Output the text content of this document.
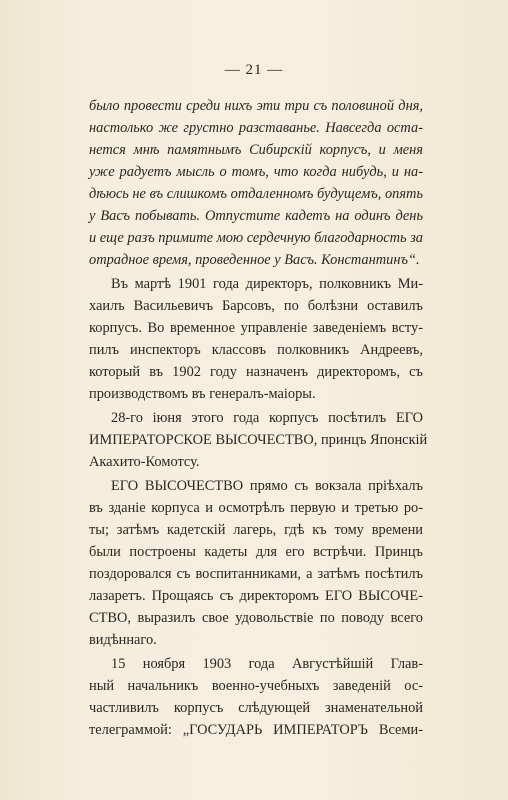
— 21 —

было провести среди нихъ эти три съ половиной дня,
настолько же грустно разставанье. Навсегда оста-
нется мнѣ памятнымъ Сибирскій корпусъ, и меня
уже радуетъ мысль о томъ, что когда нибудь, и на-
дѣюсь не въ слишкомъ отдаленномъ будущемъ, опять
у Васъ побывать. Отпустите кадетъ на одинъ день
и еще разъ примите мою сердечную благодарность за
отрадное время, проведенное у Васъ. Константинъ“.

Въ мартѣ 1901 года директоръ, полковникъ Ми-
хаилъ Васильевичъ Барсовъ, по болѣзни оставилъ
корпусъ. Во временное управленіе заведеніемъ всту-
пилъ инспекторъ классовъ полковникъ Андреевъ,
который въ 1902 году назначенъ директоромъ, съ
производствомъ въ генералъ-маіоры.

28-го іюня этого года корпусъ посѣтилъ ЕГО
ИМПЕРАТОРСКОЕ ВЫСОЧЕСТВО, принцъ Японскій
Акахито-Комотсу.

ЕГО ВЫСОЧЕСТВО прямо съ вокзала пріѣхалъ
въ зданіе корпуса и осмотрѣлъ первую и третью ро-
ты; затѣмъ кадетскій лагерь, гдѣ къ тому времени
были построены кадеты для его встрѣчи. Принцъ
поздоровался съ воспитанниками, а затѣмъ посѣтилъ
лазаретъ. Прощаясь съ директоромъ ЕГО ВЫСОЧЕ-
СТВО, выразилъ свое удовольствіе по поводу всего
видѣннаго.

15 ноября 1903 года Августѣйшій Глав-
ный начальникъ военно-учебныхъ заведеній ос-
частливилъ корпусъ слѣдующей знаменательной
телеграммой: „ГОСУДАРЬ ИМПЕРАТОРЪ Всеми-
